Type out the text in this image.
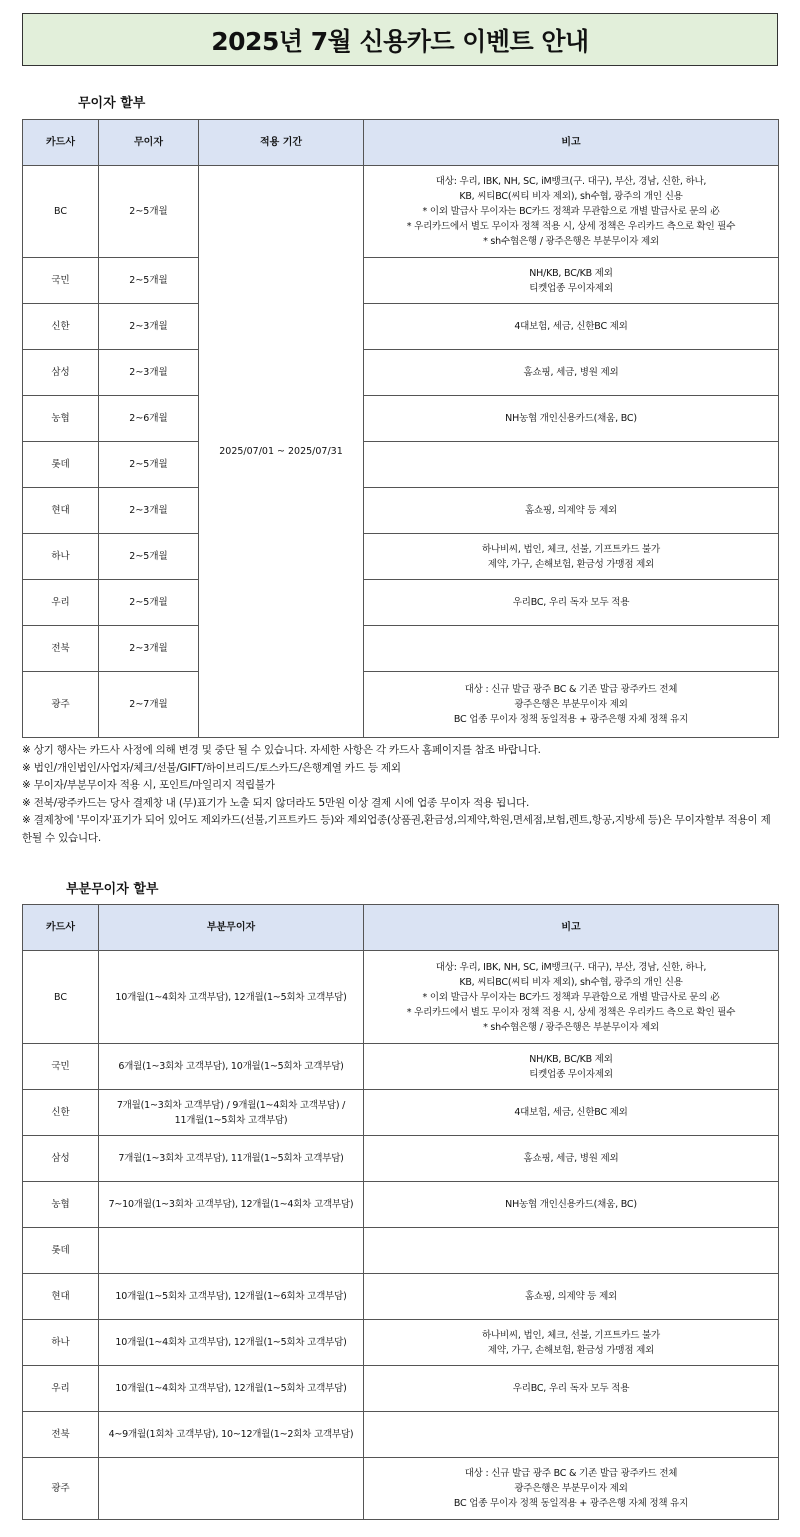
2025년 7월 신용카드 이벤트 안내
무이자 할부
카드사	무이자	적용 기간	비고
BC	2~5개월	2025/07/01 ~ 2025/07/31	대상: 우리, IBK, NH, SC, iM뱅크(구. 대구), 부산, 경남, 신한, 하나,
KB, 씨티BC(씨티 비자 제외), sh수협, 광주의 개인 신용
* 이외 발급사 무이자는 BC카드 정책과 무관함으로 개별 발급사로 문의 必
* 우리카드에서 별도 무이자 정책 적용 시, 상세 정책은 우리카드 측으로 확인 필수
* sh수협은행 / 광주은행은 부분무이자 제외
국민	2~5개월		NH/KB, BC/KB 제외
티켓업종 무이자제외
신한	2~3개월		4대보험, 세금, 신한BC 제외
삼성	2~3개월		홈쇼핑, 세금, 병원 제외
농협	2~6개월		NH농협 개인신용카드(채움, BC)
롯데	2~5개월		
현대	2~3개월		홈쇼핑, 의제약 등 제외
하나	2~5개월		하나비씨, 법인, 체크, 선불, 기프트카드 불가
제약, 가구, 손해보험, 환금성 가맹점 제외
우리	2~5개월		우리BC, 우리 독자 모두 적용
전북	2~3개월		
광주	2~7개월		대상 : 신규 발급 광주 BC & 기존 발급 광주카드 전체
광주은행은 부분무이자 제외
BC 업종 무이자 정책 동일적용 + 광주은행 자체 정책 유지
※ 상기 행사는 카드사 사정에 의해 변경 및 중단 될 수 있습니다. 자세한 사항은 각 카드사 홈페이지를 참조 바랍니다.
※ 법인/개인법인/사업자/체크/선불/GIFT/하이브리드/토스카드/은행계열 카드 등 제외
※ 무이자/부분무이자 적용 시, 포인트/마일리지 적립불가
※ 전북/광주카드는 당사 결제창 내 (무)표기가 노출 되지 않더라도 5만원 이상 결제 시에 업종 무이자 적용 됩니다.
※ 결제창에 '무이자'표기가 되어 있어도 제외카드(선불,기프트카드 등)와 제외업종(상품권,환금성,의제약,학원,면세점,보험,렌트,항공,지방세 등)은 무이자할부 적용이 제한될 수 있습니다.
부분무이자 할부
카드사	부분무이자	비고
BC	10개월(1~4회차 고객부담), 12개월(1~5회차 고객부담)	대상: 우리, IBK, NH, SC, iM뱅크(구. 대구), 부산, 경남, 신한, 하나,
KB, 씨티BC(씨티 비자 제외), sh수협, 광주의 개인 신용
* 이외 발급사 무이자는 BC카드 정책과 무관함으로 개별 발급사로 문의 必
* 우리카드에서 별도 무이자 정책 적용 시, 상세 정책은 우리카드 측으로 확인 필수
* sh수협은행 / 광주은행은 부분무이자 제외
국민	6개월(1~3회차 고객부담), 10개월(1~5회차 고객부담)	NH/KB, BC/KB 제외
티켓업종 무이자제외
신한	7개월(1~3회차 고객부담) / 9개월(1~4회차 고객부담) /
11개월(1~5회차 고객부담)	4대보험, 세금, 신한BC 제외
삼성	7개월(1~3회차 고객부담), 11개월(1~5회차 고객부담)	홈쇼핑, 세금, 병원 제외
농협	7~10개월(1~3회차 고객부담), 12개월(1~4회차 고객부담)	NH농협 개인신용카드(채움, BC)
롯데		
현대	10개월(1~5회차 고객부담), 12개월(1~6회차 고객부담)	홈쇼핑, 의제약 등 제외
하나	10개월(1~4회차 고객부담), 12개월(1~5회차 고객부담)	하나비씨, 법인, 체크, 선불, 기프트카드 불가
제약, 가구, 손해보험, 환금성 가맹점 제외
우리	10개월(1~4회차 고객부담), 12개월(1~5회차 고객부담)	우리BC, 우리 독자 모두 적용
전북	4~9개월(1회차 고객부담), 10~12개월(1~2회차 고객부담)	
광주		대상 : 신규 발급 광주 BC & 기존 발급 광주카드 전체
광주은행은 부분무이자 제외
BC 업종 무이자 정책 동일적용 + 광주은행 자체 정책 유지
